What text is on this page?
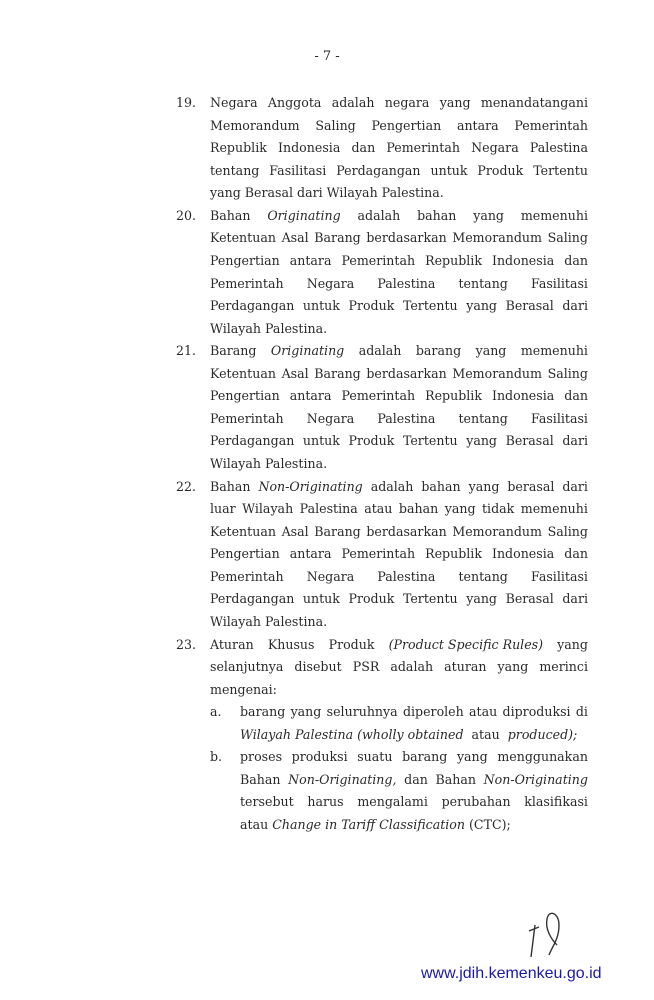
- 7 -
19. Negara Anggota adalah negara yang menandatangani
Memorandum Saling Pengertian antara Pemerintah
Republik Indonesia dan Pemerintah Negara Palestina
tentang Fasilitasi Perdagangan untuk Produk Tertentu
yang Berasal dari Wilayah Palestina.
20. Bahan Originating adalah bahan yang memenuhi
Ketentuan Asal Barang berdasarkan Memorandum Saling
Pengertian antara Pemerintah Republik Indonesia dan
Pemerintah Negara Palestina tentang Fasilitasi
Perdagangan untuk Produk Tertentu yang Berasal dari
Wilayah Palestina.
21. Barang Originating adalah barang yang memenuhi
Ketentuan Asal Barang berdasarkan Memorandum Saling
Pengertian antara Pemerintah Republik Indonesia dan
Pemerintah Negara Palestina tentang Fasilitasi
Perdagangan untuk Produk Tertentu yang Berasal dari
Wilayah Palestina.
22. Bahan Non-Originating adalah bahan yang berasal dari
luar Wilayah Palestina atau bahan yang tidak memenuhi
Ketentuan Asal Barang berdasarkan Memorandum Saling
Pengertian antara Pemerintah Republik Indonesia dan
Pemerintah Negara Palestina tentang Fasilitasi
Perdagangan untuk Produk Tertentu yang Berasal dari
Wilayah Palestina.
23. Aturan Khusus Produk (Product Specific Rules) yang
selanjutnya disebut PSR adalah aturan yang merinci
mengenai:
a. barang yang seluruhnya diperoleh atau diproduksi di
Wilayah Palestina (wholly obtained atau produced);
b. proses produksi suatu barang yang menggunakan
Bahan Non-Originating, dan Bahan Non-Originating
tersebut harus mengalami perubahan klasifikasi
atau Change in Tariff Classification (CTC);
www.jdih.kemenkeu.go.id
